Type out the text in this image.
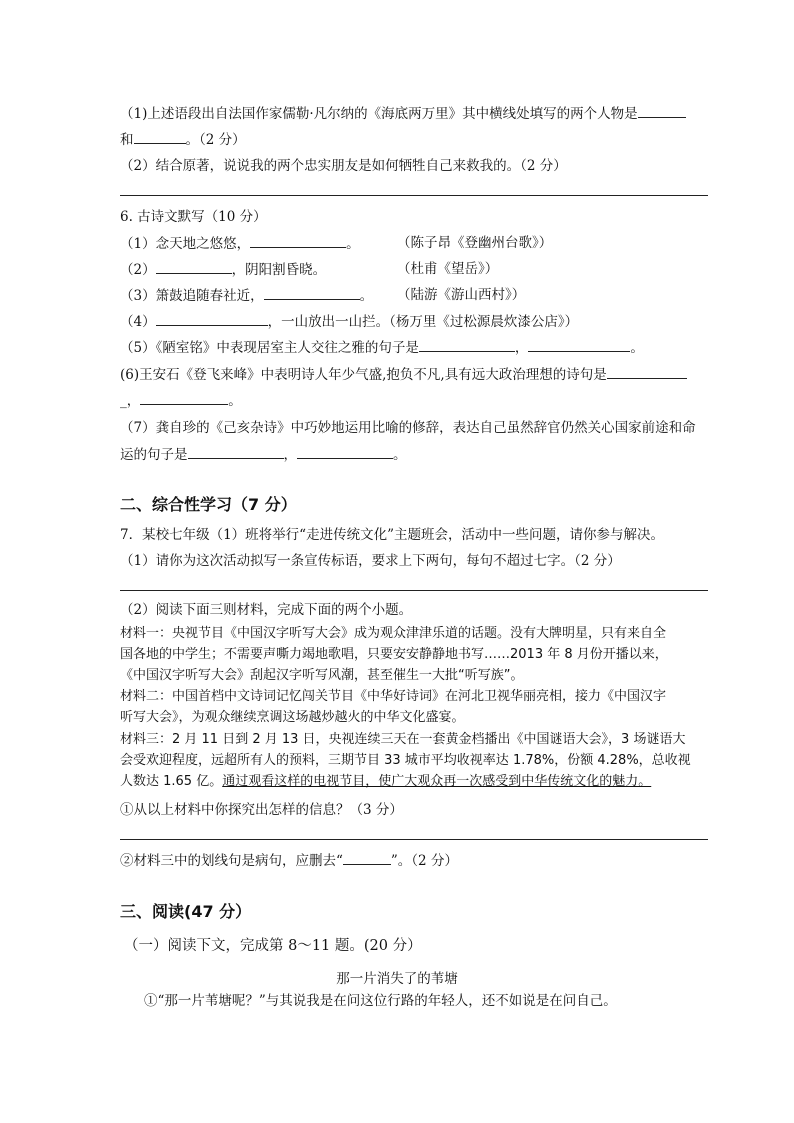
（1)上述语段出自法国作家儒勒·凡尔纳的《海底两万里》其中横线处填写的两个人物是
和	。（2 分）
（2）结合原著，说说我的两个忠实朋友是如何牺牲自己来救我的。（2 分）
6. 古诗文默写（10 分）
（1）念天地之悠悠，	。	（陈子昂《登幽州台歌》）
（2）	，阴阳割昏晓。	（杜甫《望岳》）
（3）箫鼓追随春社近，	。 （陆游《游山西村》）
（4）	，一山放出一山拦。（杨万里《过松源晨炊漆公店》）
（5）《陋室铭》中表现居室主人交往之雅的句子是	，	。
(6)王安石《登飞来峰》中表明诗人年少气盛,抱负不凡,具有远大政治理想的诗句是
_，	。
（7）龚自珍的《己亥杂诗》中巧妙地运用比喻的修辞，表达自己虽然辞官仍然关心国家前途和命
运的句子是	，	。
二、综合性学习（7 分）
7．某校七年级（1）班将举行“走进传统文化”主题班会，活动中一些问题，请你参与解决。
（1）请你为这次活动拟写一条宣传标语，要求上下两句，每句不超过七字。（2 分）
（2）阅读下面三则材料，完成下面的两个小题。
材料一：央视节目《中国汉字听写大会》成为观众津津乐道的话题。没有大牌明星，只有来自全
国各地的中学生；不需要声嘶力竭地歌唱，只要安安静静地书写……2013 年 8 月份开播以来，
《中国汉字听写大会》刮起汉字听写风潮，甚至催生一大批“听写族”。
材料二：中国首档中文诗词记忆闯关节目《中华好诗词》在河北卫视华丽亮相，接力《中国汉字
听写大会》，为观众继续烹调这场越炒越火的中华文化盛宴。
材料三：2 月 11 日到 2 月 13 日，央视连续三天在一套黄金档播出《中国谜语大会》，3 场谜语大
会受欢迎程度，远超所有人的预料，三期节目 33 城市平均收视率达 1.78%，份额 4.28%，总收视
人数达 1.65 亿。通过观看这样的电视节目，使广大观众再一次感受到中华传统文化的魅力。
①从以上材料中你探究出怎样的信息？（3 分）
②材料三中的划线句是病句，应删去“	”。（2 分）
三、阅读(47 分）
（一）阅读下文，完成第 8～11 题。(20 分）
那一片消失了的苇塘
①“那一片苇塘呢？”与其说我是在问这位行路的年轻人，还不如说是在问自己。
